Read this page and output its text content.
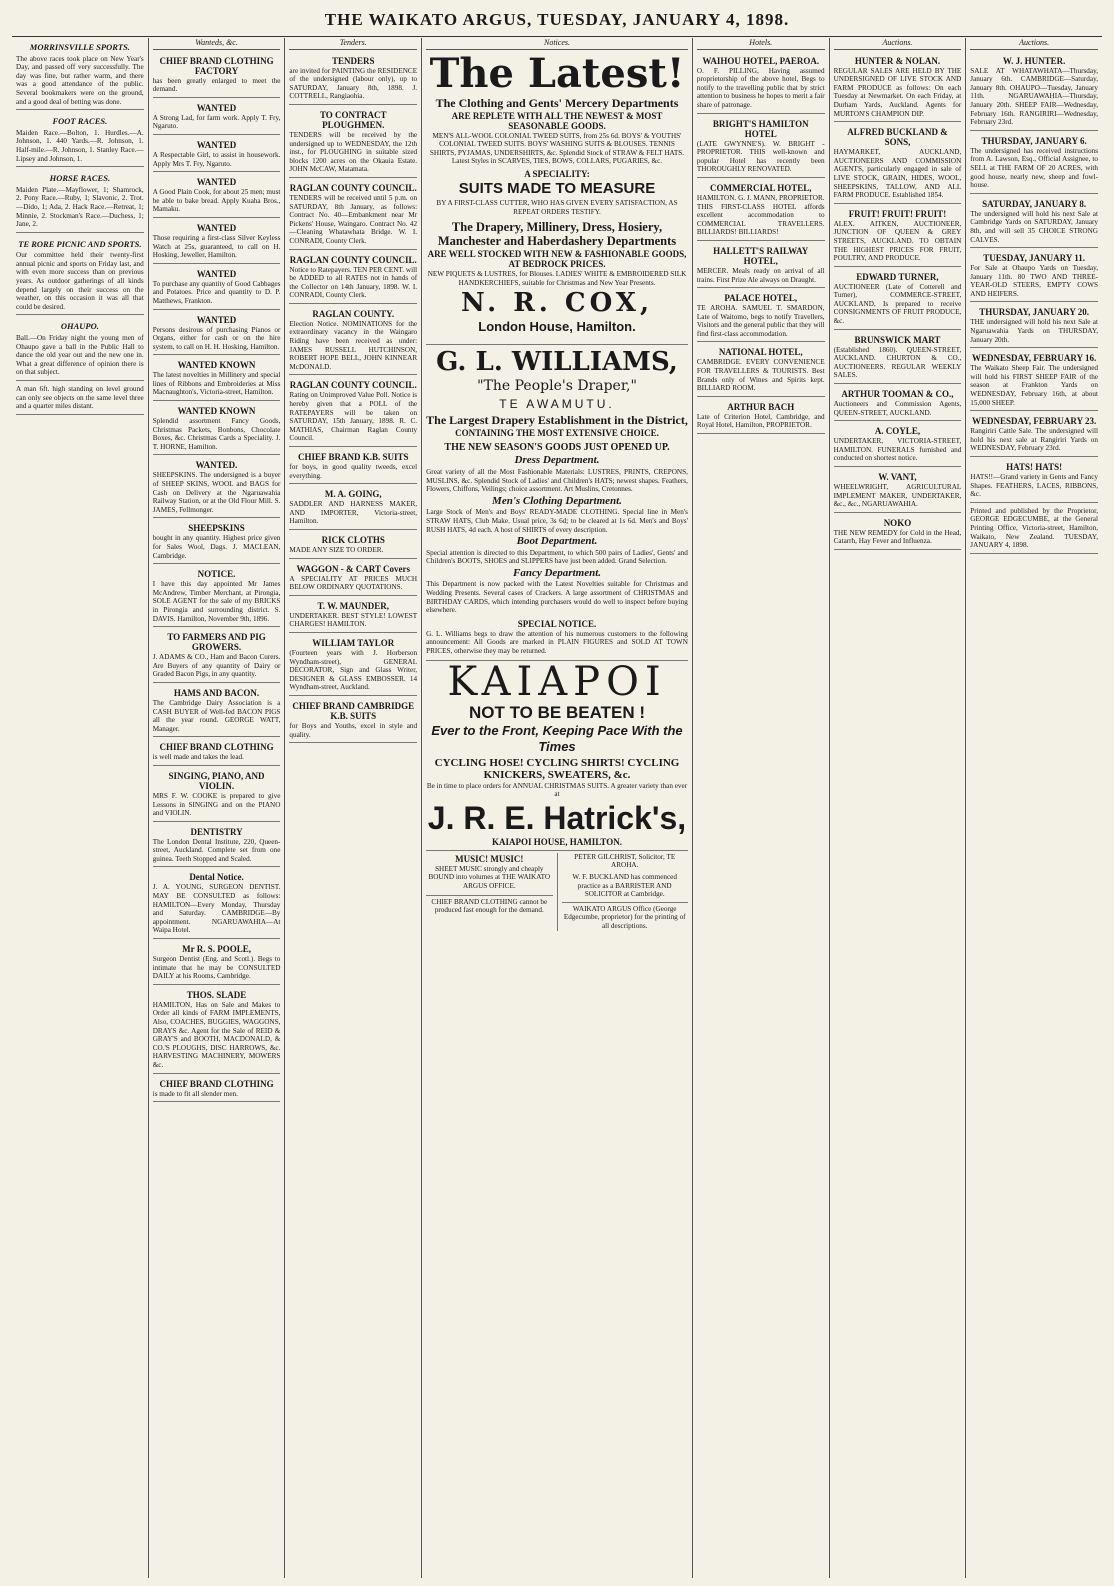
THE WAIKATO ARGUS, TUESDAY, JANUARY 4, 1898.
MORRINSVILLE SPORTS.
The above races took place on New Year's Day, and passed off very successfully. The day was fine, but rather warm, and there was a good attendance of the public. Several bookmakers were on the ground, and a good deal of betting was done.
FOOT RACES.
Maiden Race.—Bolton, 1. Hurdles.—A. Johnson, 1. 440 Yards.—R. Johnson, 1. Half-mile.—R. Johnson, 1. Stanley Race.—Lipsey and Johnson, 1.
HORSE RACES.
Maiden Plate.—Mayflower, 1; Shamrock, 2. Pony Race.—Ruby, 1; Slavonic, 2. Trot.—Dido, 1; Ada, 2. Hack Race.—Retreat, 1; Minnie, 2. Stockman's Race.—Duchess, 1; Jane, 2.
TE RORE PICNIC AND SPORTS.
Our committee held their twenty-first annual picnic and sports on Friday last, and with even more success than on previous years. As outdoor gatherings of all kinds depend largely on their success on the weather, on this occasion it was all that could be desired.
OHAUPO.
Ball.—On Friday night the young men of Ohaupo gave a ball in the Public Hall to dance the old year out and the new one in. What a great difference of opinion there is on that subject.
A man 6ft. high standing on level ground can only see objects on the same level three and a quarter miles distant.
Wanteds, &c.
CHIEF BRAND CLOTHING FACTORY
has been greatly enlarged to meet the demand.
WANTED
A Strong Lad, for farm work. Apply T. Fry, Ngaruto.
WANTED
A Respectable Girl, to assist in housework. Apply Mrs T. Fry, Ngaruto.
WANTED
A Good Plain Cook, for about 25 men; must be able to bake bread. Apply Kuaha Bros., Mamaku.
WANTED
Those requiring a first-class Silver Keyless Watch at 25s, guaranteed, to call on H. Hosking, Jeweller, Hamilton.
WANTED
To purchase any quantity of Good Cabbages and Potatoes. Price and quantity to D. P. Matthews, Frankton.
WANTED
Persons desirous of purchasing Pianos or Organs, either for cash or on the hire system, to call on H. H. Hosking, Hamilton.
WANTED KNOWN
The latest novelties in Millinery and special lines of Ribbons and Embroideries at Miss Macnaughton's, Victoria-street, Hamilton.
WANTED KNOWN
Splendid assortment Fancy Goods, Christmas Packets, Bonbons, Chocolate Boxes, &c. Christmas Cards a Speciality. J. T. HORNE, Hamilton.
WANTED.
SHEEPSKINS. The undersigned is a buyer of SHEEP SKINS, WOOL and BAGS for Cash on Delivery at the Ngaruawahia Railway Station, or at the Old Flour Mill. S. JAMES, Fellmonger.
SHEEPSKINS
bought in any quantity. Highest price given for Sales Wool, Dags. J. MACLEAN, Cambridge.
NOTICE.
I have this day appointed Mr James McAndrew, Timber Merchant, at Pirongia, SOLE AGENT for the sale of my BRICKS in Pirongia and surrounding district. S. DAVIS. Hamilton, November 9th, 1896.
TO FARMERS AND PIG GROWERS.
J. ADAMS & CO., Ham and Bacon Curers. Are Buyers of any quantity of Dairy or Graded Bacon Pigs, in any quantity.
HAMS AND BACON.
The Cambridge Dairy Association is a CASH BUYER of Well-fed BACON PIGS all the year round. GEORGE WATT, Manager.
CHIEF BRAND CLOTHING
is well made and takes the lead.
SINGING, PIANO, AND VIOLIN.
MRS F. W. COOKE is prepared to give Lessons in SINGING and on the PIANO and VIOLIN.
DENTISTRY
The London Dental Institute, 220, Queen-street, Auckland. Complete set from one guinea. Teeth Stopped and Scaled.
Dental Notice.
J. A. YOUNG, SURGEON DENTIST. MAY BE CONSULTED as follows: HAMILTON—Every Monday, Thursday and Saturday. CAMBRIDGE—By appointment. NGARUAWAHIA—At Waipa Hotel.
Mr R. S. POOLE,
Surgeon Dentist (Eng. and Scotl.). Begs to intimate that he may be CONSULTED DAILY at his Rooms, Cambridge.
THOS. SLADE
HAMILTON, Has on Sale and Makes to Order all kinds of FARM IMPLEMENTS, Also, COACHES, BUGGIES, WAGGONS, DRAYS &c. Agent for the Sale of REID & GRAY'S and BOOTH, MACDONALD, & CO.'S PLOUGHS, DISC HARROWS, &c. HARVESTING MACHINERY, MOWERS &c.
CHIEF BRAND CLOTHING
is made to fit all slender men.
Tenders.
TENDERS
are invited for PAINTING the RESIDENCE of the undersigned (labour only), up to SATURDAY, January 8th, 1898. J. COTTRELL, Rangiaohia.
TO CONTRACT PLOUGHMEN.
TENDERS will be received by the undersigned up to WEDNESDAY, the 12th inst., for PLOUGHING in suitable sized blocks 1200 acres on the Okauia Estate. JOHN McCAW, Matamata.
RAGLAN COUNTY COUNCIL.
TENDERS will be received until 5 p.m. on SATURDAY, 8th January, as follows: Contract No. 40—Embankment near Mr Pickens' House, Waingaro. Contract No. 42—Cleaning Whatawhata Bridge. W. I. CONRADI, County Clerk.
RAGLAN COUNTY COUNCIL.
Notice to Ratepayers. TEN PER CENT. will be ADDED to all RATES not in hands of the Collector on 14th January, 1898. W. I. CONRADI, County Clerk.
RAGLAN COUNTY.
Election Notice. NOMINATIONS for the extraordinary vacancy in the Waingaro Riding have been received as under: JAMES RUSSELL HUTCHINSON, ROBERT HOPE BELL, JOHN KINNEAR McDONALD.
RAGLAN COUNTY COUNCIL.
Rating on Unimproved Value Poll. Notice is hereby given that a POLL of the RATEPAYERS will be taken on SATURDAY, 15th January, 1898. R. C. MATHIAS, Chairman Raglan County Council.
CHIEF BRAND K.B. SUITS
for boys, in good quality tweeds, excel everything.
M. A. GOING,
SADDLER AND HARNESS MAKER, AND IMPORTER, Victoria-street, Hamilton.
RICK CLOTHS
MADE ANY SIZE TO ORDER.
WAGGON - & CART Covers
A SPECIALITY AT PRICES MUCH BELOW ORDINARY QUOTATIONS.
T. W. MAUNDER,
UNDERTAKER. BEST STYLE! LOWEST CHARGES! HAMILTON.
WILLIAM TAYLOR
(Fourteen years with J. Horberson Wyndham-street), GENERAL DECORATOR, Sign and Glass Writer, DESIGNER & GLASS EMBOSSER. 14 Wyndham-street, Auckland.
CHIEF BRAND CAMBRIDGE K.B. SUITS
for Boys and Youths, excel in style and quality.
Notices.
The Latest!
The Clothing and Gents' Mercery Departments
ARE REPLETE WITH ALL THE NEWEST & MOST SEASONABLE GOODS.
MEN'S ALL-WOOL COLONIAL TWEED SUITS, from 25s 6d. BOYS' & YOUTHS' COLONIAL TWEED SUITS. BOYS' WASHING SUITS & BLOUSES. TENNIS SHIRTS, PYJAMAS, UNDERSHIRTS, &c. Splendid Stock of STRAW & FELT HATS. Latest Styles in SCARVES, TIES, BOWS, COLLARS, PUGARIES, &c.
A SPECIALITY:
SUITS MADE TO MEASURE
BY A FIRST-CLASS CUTTER, WHO HAS GIVEN EVERY SATISFACTION, AS REPEAT ORDERS TESTIFY.
The Drapery, Millinery, Dress, Hosiery, Manchester and Haberdashery Departments
ARE WELL STOCKED WITH NEW & FASHIONABLE GOODS, AT BEDROCK PRICES.
NEW PIQUETS & LUSTRES, for Blouses. LADIES' WHITE & EMBROIDERED SILK HANDKERCHIEFS, suitable for Christmas and New Year Presents.
N. R. COX,
London House, Hamilton.
G. L. WILLIAMS,
"The People's Draper,"
TE AWAMUTU.
The Largest Drapery Establishment in the District,
CONTAINING THE MOST EXTENSIVE CHOICE.
THE NEW SEASON'S GOODS JUST OPENED UP.
Dress Department.
Great variety of all the Most Fashionable Materials: LUSTRES, PRINTS, CREPONS, MUSLINS, &c. Splendid Stock of Ladies' and Children's HATS; newest shapes. Feathers, Flowers, Chiffons, Veilings; choice assortment. Art Muslins, Cretonnes.
Men's Clothing Department.
Large Stock of Men's and Boys' READY-MADE CLOTHING. Special line in Men's STRAW HATS, Club Make. Usual price, 3s 6d; to be cleared at 1s 6d. Men's and Boys' RUSH HATS, 4d each. A host of SHIRTS of every description.
Boot Department.
Special attention is directed to this Department, to which 500 pairs of Ladies', Gents' and Children's BOOTS, SHOES and SLIPPERS have just been added. Grand Selection.
Fancy Department.
This Department is now packed with the Latest Novelties suitable for Christmas and Wedding Presents. Several cases of Crackers. A large assortment of CHRISTMAS and BIRTHDAY CARDS, which intending purchasers would do well to inspect before buying elsewhere.
SPECIAL NOTICE.
G. L. Williams begs to draw the attention of his numerous customers to the following announcement: All Goods are marked in PLAIN FIGURES and SOLD AT TOWN PRICES, otherwise they may be returned.
KAIAPOI
NOT TO BE BEATEN !
Ever to the Front, Keeping Pace With the Times
CYCLING HOSE! CYCLING SHIRTS! CYCLING KNICKERS, SWEATERS, &c.
Be in time to place orders for ANNUAL CHRISTMAS SUITS. A greater variety than ever at
J. R. E. Hatrick's,
KAIAPOI HOUSE, HAMILTON.
MUSIC! MUSIC!
SHEET MUSIC strongly and cheaply BOUND into volumes at THE WAIKATO ARGUS OFFICE.
CHIEF BRAND CLOTHING cannot be produced fast enough for the demand.
PETER GILCHRIST, Solicitor, TE AROHA.
W. F. BUCKLAND has commenced practice as a BARRISTER AND SOLICITOR at Cambridge.
WAIKATO ARGUS Office (George Edgecumbe, proprietor) for the printing of all descriptions.
Hotels.
WAIHOU HOTEL, PAEROA.
O. F. PILLING, Having assumed proprietorship of the above hotel, Begs to notify to the travelling public that by strict attention to business he hopes to merit a fair share of patronage.
BRIGHT'S HAMILTON HOTEL
(LATE GWYNNE'S). W. BRIGHT - PROPRIETOR. THIS well-known and popular Hotel has recently been THOROUGHLY RENOVATED.
COMMERCIAL HOTEL,
HAMILTON. G. J. MANN, PROPRIETOR. THIS FIRST-CLASS HOTEL affords excellent accommodation to COMMERCIAL TRAVELLERS. BILLIARDS! BILLIARDS!
HALLETT'S RAILWAY HOTEL,
MERCER. Meals ready on arrival of all trains. First Prize Ale always on Draught.
PALACE HOTEL,
TE AROHA. SAMUEL T. SMARDON, Late of Waitomo, begs to notify Travellers, Visitors and the general public that they will find first-class accommodation.
NATIONAL HOTEL,
CAMBRIDGE. EVERY CONVENIENCE FOR TRAVELLERS & TOURISTS. Best Brands only of Wines and Spirits kept. BILLIARD ROOM.
ARTHUR BACH
Late of Criterion Hotel, Cambridge, and Royal Hotel, Hamilton, PROPRIETOR.
Auctions.
HUNTER & NOLAN.
REGULAR SALES ARE HELD BY THE UNDERSIGNED OF LIVE STOCK AND FARM PRODUCE as follows: On each Tuesday at Newmarket. On each Friday, at Durham Yards, Auckland. Agents for MURTON'S CHAMPION DIP.
ALFRED BUCKLAND & SONS,
HAYMARKET, AUCKLAND, AUCTIONEERS AND COMMISSION AGENTS, particularly engaged in sale of LIVE STOCK, GRAIN, HIDES, WOOL, SHEEPSKINS, TALLOW, AND ALL FARM PRODUCE. Established 1854.
FRUIT! FRUIT! FRUIT!
ALEX. AITKEN, AUCTIONEER, JUNCTION OF QUEEN & GREY STREETS, AUCKLAND. TO OBTAIN THE HIGHEST PRICES FOR FRUIT, POULTRY, AND PRODUCE.
EDWARD TURNER,
AUCTIONEER (Late of Cotterell and Turner), COMMERCE-STREET, AUCKLAND, Is prepared to receive CONSIGNMENTS OF FRUIT PRODUCE, &c.
BRUNSWICK MART
(Established 1860). QUEEN-STREET, AUCKLAND. CHURTON & CO., AUCTIONEERS. REGULAR WEEKLY SALES.
ARTHUR TOOMAN & CO.,
Auctioneers and Commission Agents, QUEEN-STREET, AUCKLAND.
A. COYLE,
UNDERTAKER, VICTORIA-STREET, HAMILTON. FUNERALS furnished and conducted on shortest notice.
W. VANT,
WHEELWRIGHT, AGRICULTURAL IMPLEMENT MAKER, UNDERTAKER, &c., &c., NGARUAWAHIA.
NOKO
THE NEW REMEDY for Cold in the Head, Catarrh, Hay Fever and Influenza.
Auctions.
W. J. HUNTER.
SALE AT WHATAWHATA—Thursday, January 6th. CAMBRIDGE—Saturday, January 8th. OHAUPO—Tuesday, January 11th. NGARUAWAHIA—Thursday, January 20th. SHEEP FAIR—Wednesday, February 16th. RANGIRIRI—Wednesday, February 23rd.
THURSDAY, JANUARY 6.
The undersigned has received instructions from A. Lawson, Esq., Official Assignee, to SELL at THE FARM OF 20 ACRES, with good house, nearly new, sheep and fowl-house.
SATURDAY, JANUARY 8.
The undersigned will hold his next Sale at Cambridge Yards on SATURDAY, January 8th, and will sell 35 CHOICE STRONG CALVES.
TUESDAY, JANUARY 11.
For Sale at Ohaupo Yards on Tuesday, January 11th. 80 TWO AND THREE-YEAR-OLD STEERS, EMPTY COWS AND HEIFERS.
THURSDAY, JANUARY 20.
THE undersigned will hold his next Sale at Ngaruawahia Yards on THURSDAY, January 20th.
WEDNESDAY, FEBRUARY 16.
The Waikato Sheep Fair. The undersigned will hold his FIRST SHEEP FAIR of the season at Frankton Yards on WEDNESDAY, February 16th, at about 15,000 SHEEP.
WEDNESDAY, FEBRUARY 23.
Rangiriri Cattle Sale. The undersigned will hold his next sale at Rangiriri Yards on WEDNESDAY, February 23rd.
HATS! HATS!
HATS!!—Grand variety in Gents and Fancy Shapes. FEATHERS, LACES, RIBBONS, &c.
Printed and published by the Proprietor, GEORGE EDGECUMBE, at the General Printing Office, Victoria-street, Hamilton, Waikato, New Zealand. TUESDAY, JANUARY 4, 1898.
